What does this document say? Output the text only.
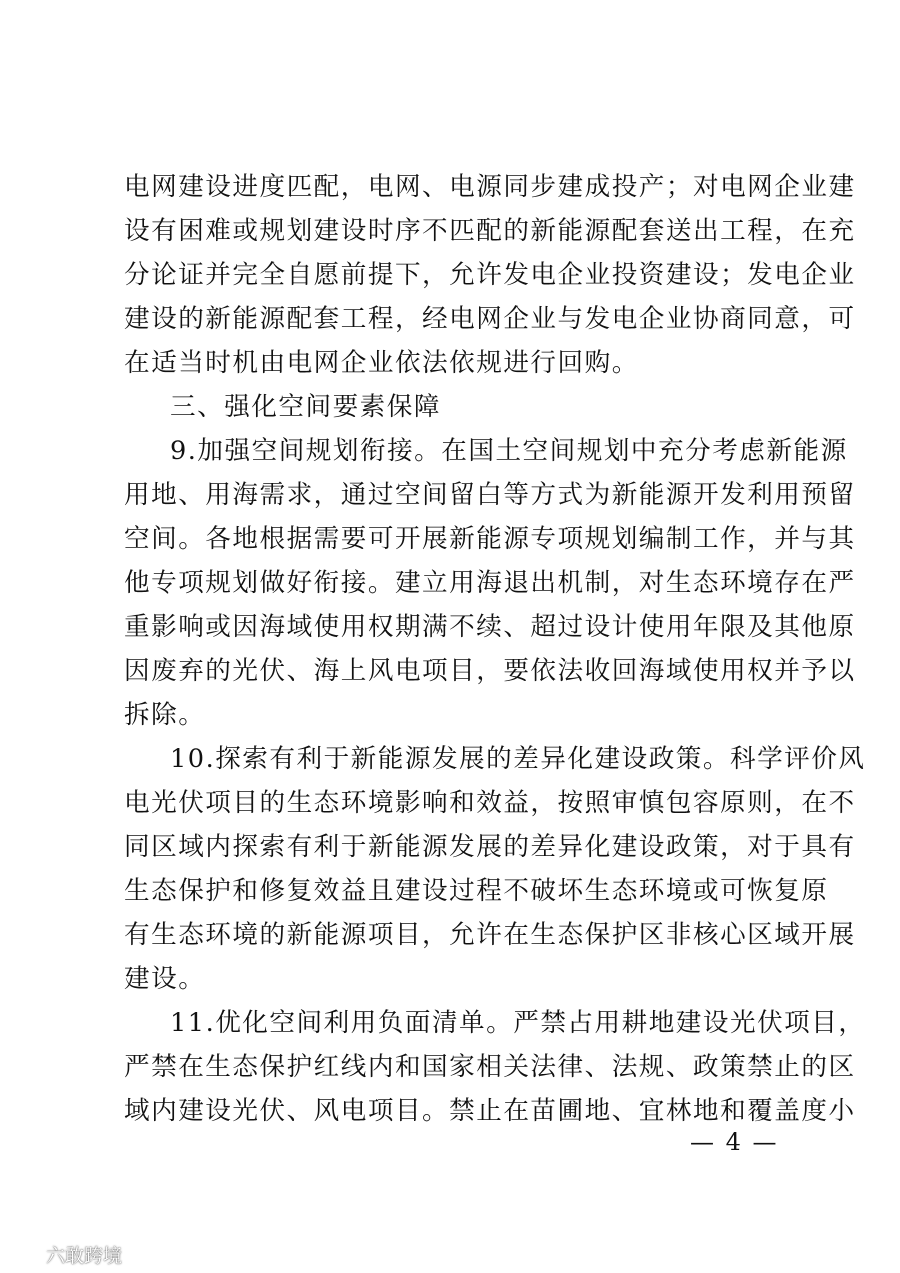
电网建设进度匹配，电网、电源同步建成投产；对电网企业建
设有困难或规划建设时序不匹配的新能源配套送出工程，在充
分论证并完全自愿前提下，允许发电企业投资建设；发电企业
建设的新能源配套工程，经电网企业与发电企业协商同意，可
在适当时机由电网企业依法依规进行回购。
三、强化空间要素保障
9.加强空间规划衔接。在国土空间规划中充分考虑新能源
用地、用海需求，通过空间留白等方式为新能源开发利用预留
空间。各地根据需要可开展新能源专项规划编制工作，并与其
他专项规划做好衔接。建立用海退出机制，对生态环境存在严
重影响或因海域使用权期满不续、超过设计使用年限及其他原
因废弃的光伏、海上风电项目，要依法收回海域使用权并予以
拆除。
10.探索有利于新能源发展的差异化建设政策。科学评价风
电光伏项目的生态环境影响和效益，按照审慎包容原则，在不
同区域内探索有利于新能源发展的差异化建设政策，对于具有
生态保护和修复效益且建设过程不破坏生态环境或可恢复原
有生态环境的新能源项目，允许在生态保护区非核心区域开展
建设。
11.优化空间利用负面清单。严禁占用耕地建设光伏项目，
严禁在生态保护红线内和国家相关法律、法规、政策禁止的区
域内建设光伏、风电项目。禁止在苗圃地、宜林地和覆盖度小
— 4 —
六敢跨境
